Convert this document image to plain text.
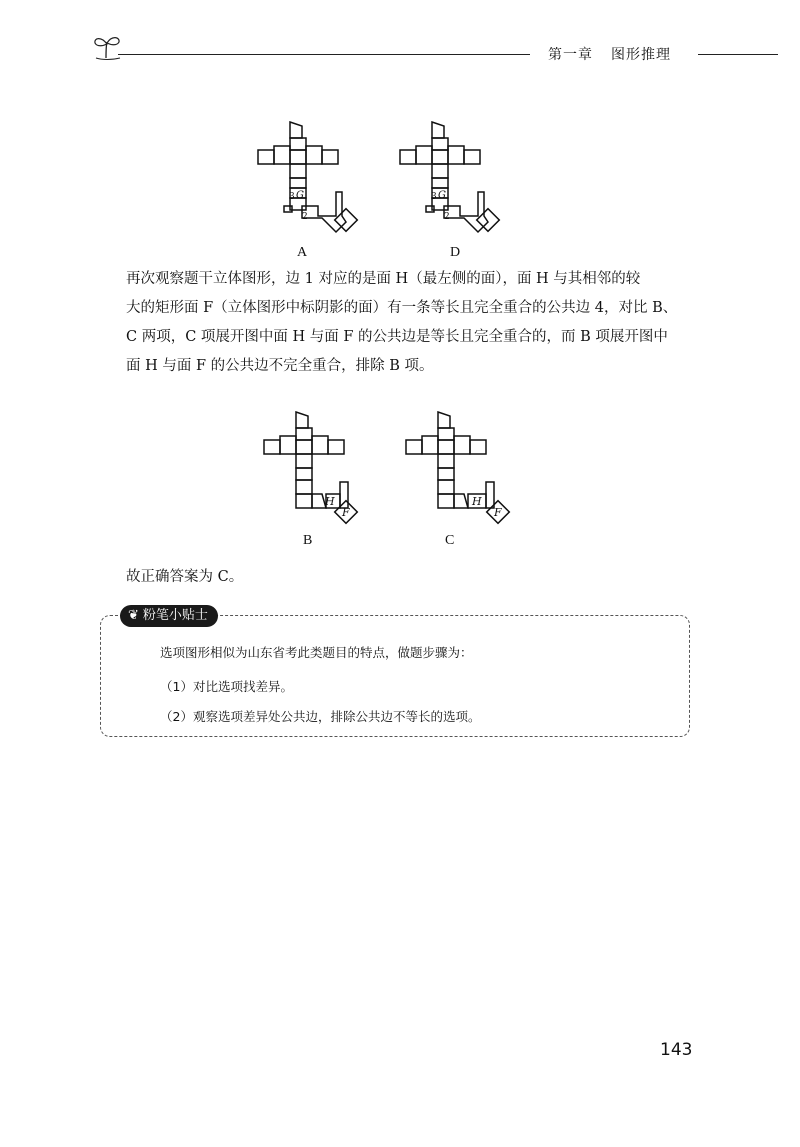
第一章 图形推理
3 G
2
A
3 G
2
D

再次观察题干立体图形，边 1 对应的是面 H（最左侧的面），面 H 与其相邻的较

大的矩形面 F（立体图形中标阴影的面）有一条等长且完全重合的公共边 4，对比 B、

C 两项，C 项展开图中面 H 与面 F 的公共边是等长且完全重合的，而 B 项展开图中

面 H 与面 F 的公共边不完全重合，排除 B 项。

H
F
B
H
F
C
故正确答案为 C。
❦ 粉笔小贴士
选项图形相似为山东省考此类题目的特点，做题步骤为：
（1）对比选项找差异。
（2）观察选项差异处公共边，排除公共边不等长的选项。
143
